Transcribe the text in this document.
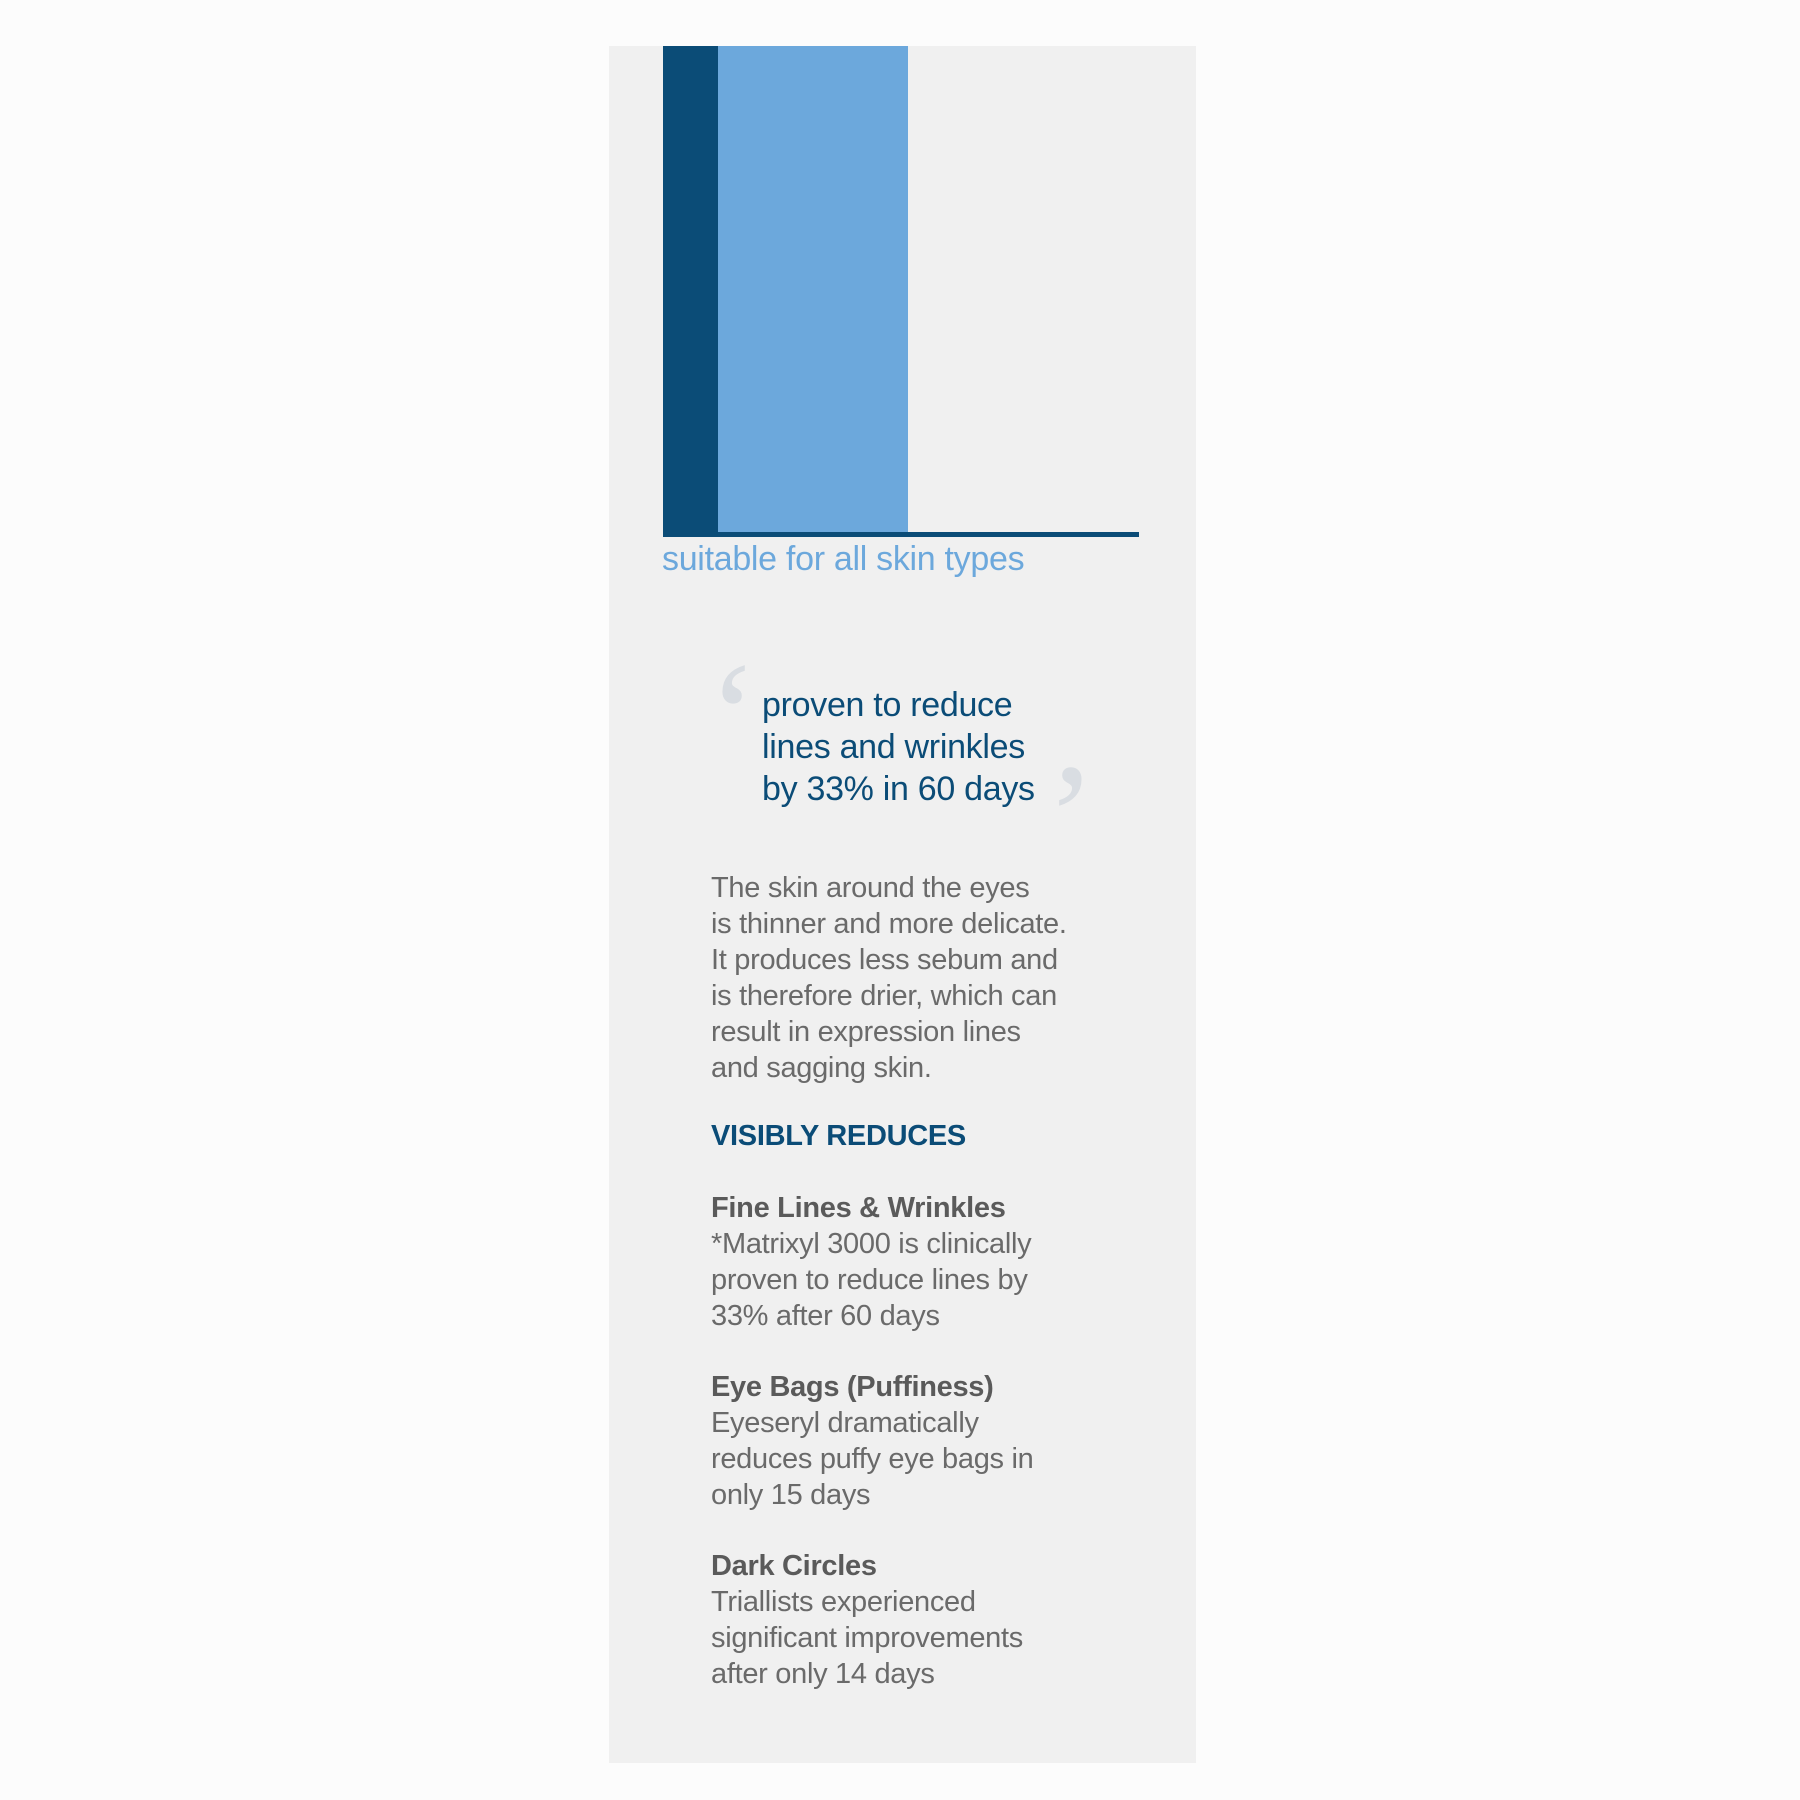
suitable for all skin types
‘ proven to reduce
lines and wrinkles
by 33% in 60 days ’
The skin around the eyes
is thinner and more delicate.
It produces less sebum and
is therefore drier, which can
result in expression lines
and sagging skin.
VISIBLY REDUCES
Fine Lines & Wrinkles
*Matrixyl 3000 is clinically
proven to reduce lines by
33% after 60 days
Eye Bags (Puffiness)
Eyeseryl dramatically
reduces puffy eye bags in
only 15 days
Dark Circles
Triallists experienced
significant improvements
after only 14 days
